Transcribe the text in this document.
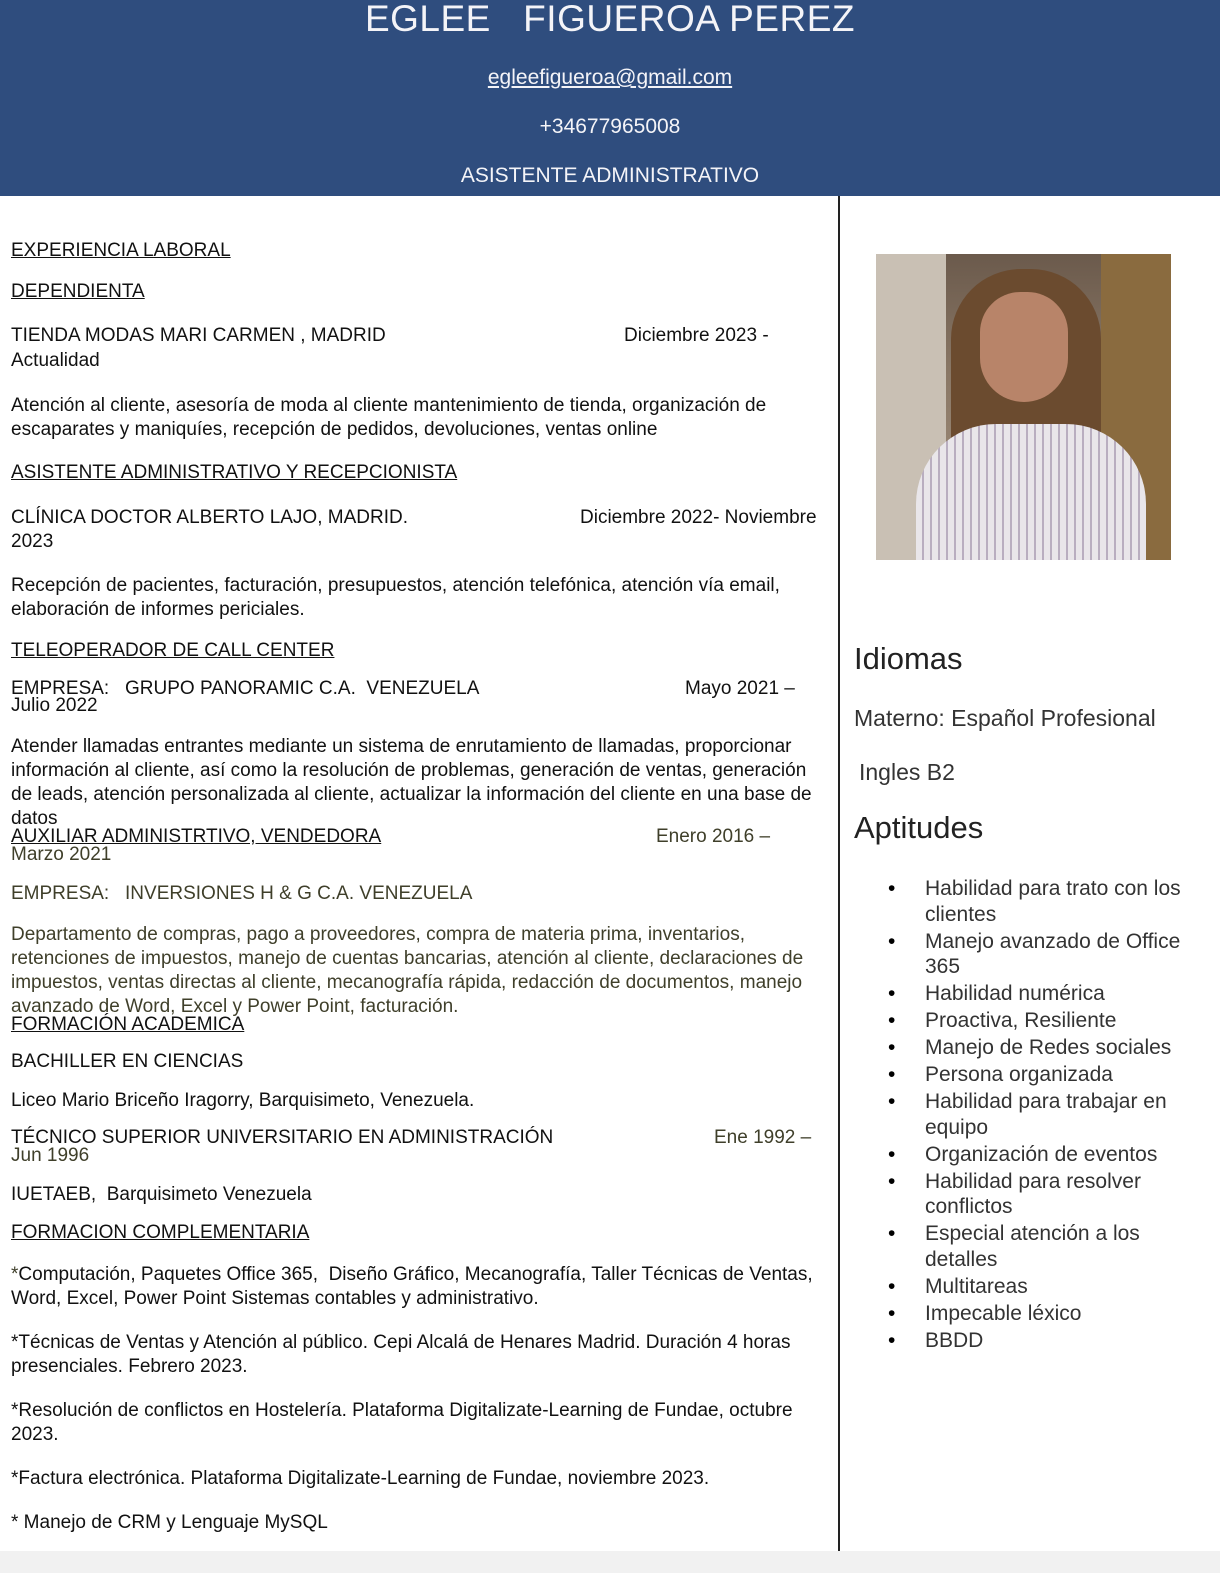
EGLEE   FIGUEROA PEREZ
egleefigueroa@gmail.com
+34677965008
ASISTENTE ADMINISTRATIVO
EXPERIENCIA LABORAL
DEPENDIENTA
TIENDA MODAS MARI CARMEN , MADRID	Diciembre 2023 -
Actualidad
Atención al cliente, asesoría de moda al cliente mantenimiento de tienda, organización de escaparates y maniquíes, recepción de pedidos, devoluciones, ventas online
ASISTENTE ADMINISTRATIVO Y RECEPCIONISTA
CLÍNICA DOCTOR ALBERTO LAJO, MADRID.	Diciembre 2022- Noviembre
2023
Recepción de pacientes, facturación, presupuestos, atención telefónica, atención vía email, elaboración de informes periciales.
TELEOPERADOR DE CALL CENTER
EMPRESA:   GRUPO PANORAMIC C.A.  VENEZUELA	Mayo 2021 –
Julio 2022
Atender llamadas entrantes mediante un sistema de enrutamiento de llamadas, proporcionar información al cliente, así como la resolución de problemas, generación de ventas, generación de leads, atención personalizada al cliente, actualizar la información del cliente en una base de datos
AUXILIAR ADMINISTRTIVO, VENDEDORA	Enero 2016 –
Marzo 2021
EMPRESA:   INVERSIONES H & G C.A. VENEZUELA
Departamento de compras, pago a proveedores, compra de materia prima, inventarios, retenciones de impuestos, manejo de cuentas bancarias, atención al cliente, declaraciones de impuestos, ventas directas al cliente, mecanografía rápida, redacción de documentos, manejo avanzado de Word, Excel y Power Point, facturación.
FORMACIÓN ACADEMICA
BACHILLER EN CIENCIAS
Liceo Mario Briceño Iragorry, Barquisimeto, Venezuela.
TÉCNICO SUPERIOR UNIVERSITARIO EN ADMINISTRACIÓN	Ene 1992 –
Jun 1996
IUETAEB,  Barquisimeto Venezuela
FORMACION COMPLEMENTARIA
*Computación, Paquetes Office 365,  Diseño Gráfico, Mecanografía, Taller Técnicas de Ventas, Word, Excel, Power Point Sistemas contables y administrativo.
*Técnicas de Ventas y Atención al público. Cepi Alcalá de Henares Madrid. Duración 4 horas presenciales. Febrero 2023.
*Resolución de conflictos en Hostelería. Plataforma Digitalizate-Learning de Fundae, octubre 2023.
*Factura electrónica. Plataforma Digitalizate-Learning de Fundae, noviembre 2023.
* Manejo de CRM y Lenguaje MySQL
Idiomas
Materno: Español Profesional
Ingles B2
Aptitudes
• Habilidad para trato con los clientes
• Manejo avanzado de Office 365
• Habilidad numérica
• Proactiva, Resiliente
• Manejo de Redes sociales
• Persona organizada
• Habilidad para trabajar en equipo
• Organización de eventos
• Habilidad para resolver conflictos
• Especial atención a los detalles
• Multitareas
• Impecable léxico
• BBDD
